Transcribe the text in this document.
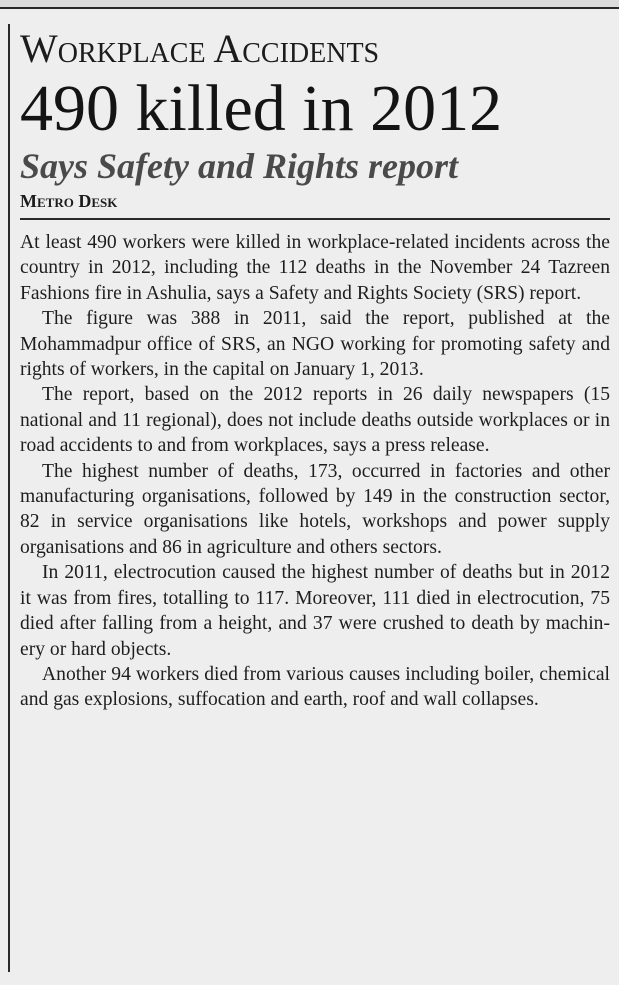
Workplace Accidents
490 killed in 2012
Says Safety and Rights report
Metro Desk

At least 490 workers were killed in workplace-related incidents across the country in 2012, including the 112 deaths in the November 24 Tazreen Fashions fire in Ashulia, says a Safety and Rights Society (SRS) report.

The figure was 388 in 2011, said the report, published at the Mohammadpur office of SRS, an NGO working for promoting safety and rights of workers, in the capital on January 1, 2013.

The report, based on the 2012 reports in 26 daily newspapers (15 national and 11 regional), does not include deaths outside workplaces or in road accidents to and from workplaces, says a press release.

The highest number of deaths, 173, occurred in factories and other manufacturing organisations, followed by 149 in the construction sector, 82 in service organisations like hotels, workshops and power supply organisations and 86 in agriculture and others sectors.

In 2011, electrocution caused the highest number of deaths but in 2012 it was from fires, totalling to 117. Moreover, 111 died in electrocution, 75 died after falling from a height, and 37 were crushed to death by machinery or hard objects.

Another 94 workers died from various causes including boiler, chemical and gas explosions, suffocation and earth, roof and wall collapses.
